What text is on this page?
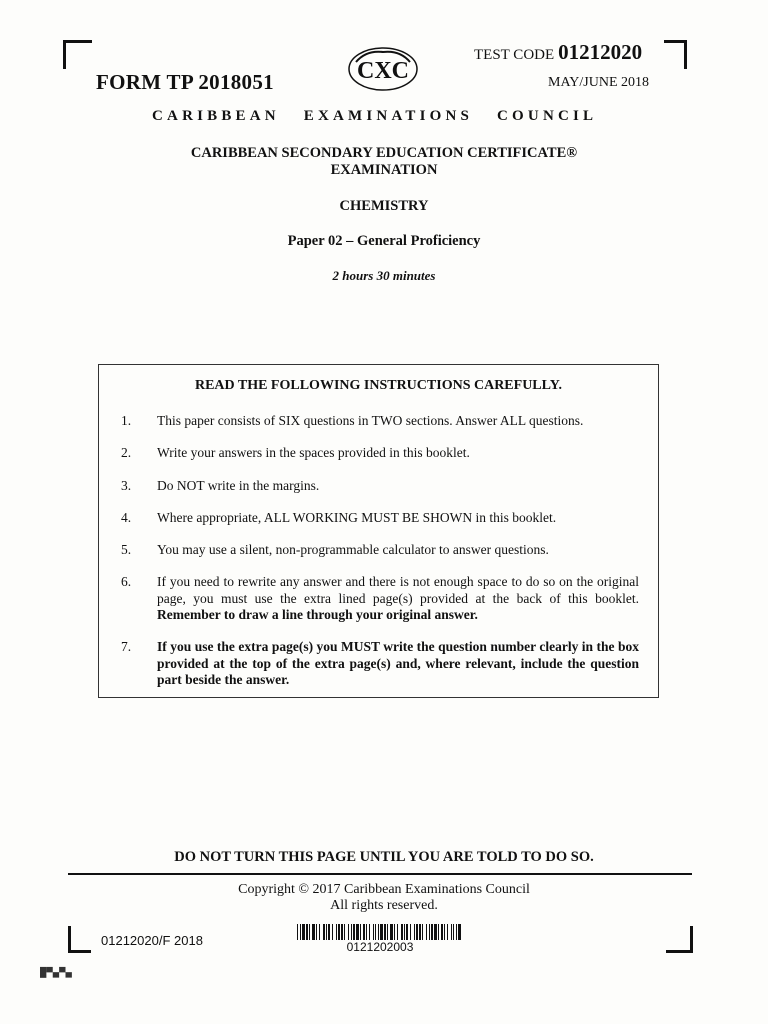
FORM TP 2018051	CXC
TEST CODE 01212020
MAY/JUNE 2018
CARIBBEAN EXAMINATIONS COUNCIL
CARIBBEAN SECONDARY EDUCATION CERTIFICATE®
EXAMINATION
CHEMISTRY
Paper 02 – General Proficiency
2 hours 30 minutes
READ THE FOLLOWING INSTRUCTIONS CAREFULLY.
1. This paper consists of SIX questions in TWO sections. Answer ALL questions.
2. Write your answers in the spaces provided in this booklet.
3. Do NOT write in the margins.
4. Where appropriate, ALL WORKING MUST BE SHOWN in this booklet.
5. You may use a silent, non-programmable calculator to answer questions.
6. If you need to rewrite any answer and there is not enough space to do so on the original page, you must use the extra lined page(s) provided at the back of this booklet. Remember to draw a line through your original answer.
7. If you use the extra page(s) you MUST write the question number clearly in the box provided at the top of the extra page(s) and, where relevant, include the question part beside the answer.
DO NOT TURN THIS PAGE UNTIL YOU ARE TOLD TO DO SO.
Copyright © 2017 Caribbean Examinations Council
All rights reserved.
01212020/F 2018	0121202003
█▀▄▀▄
